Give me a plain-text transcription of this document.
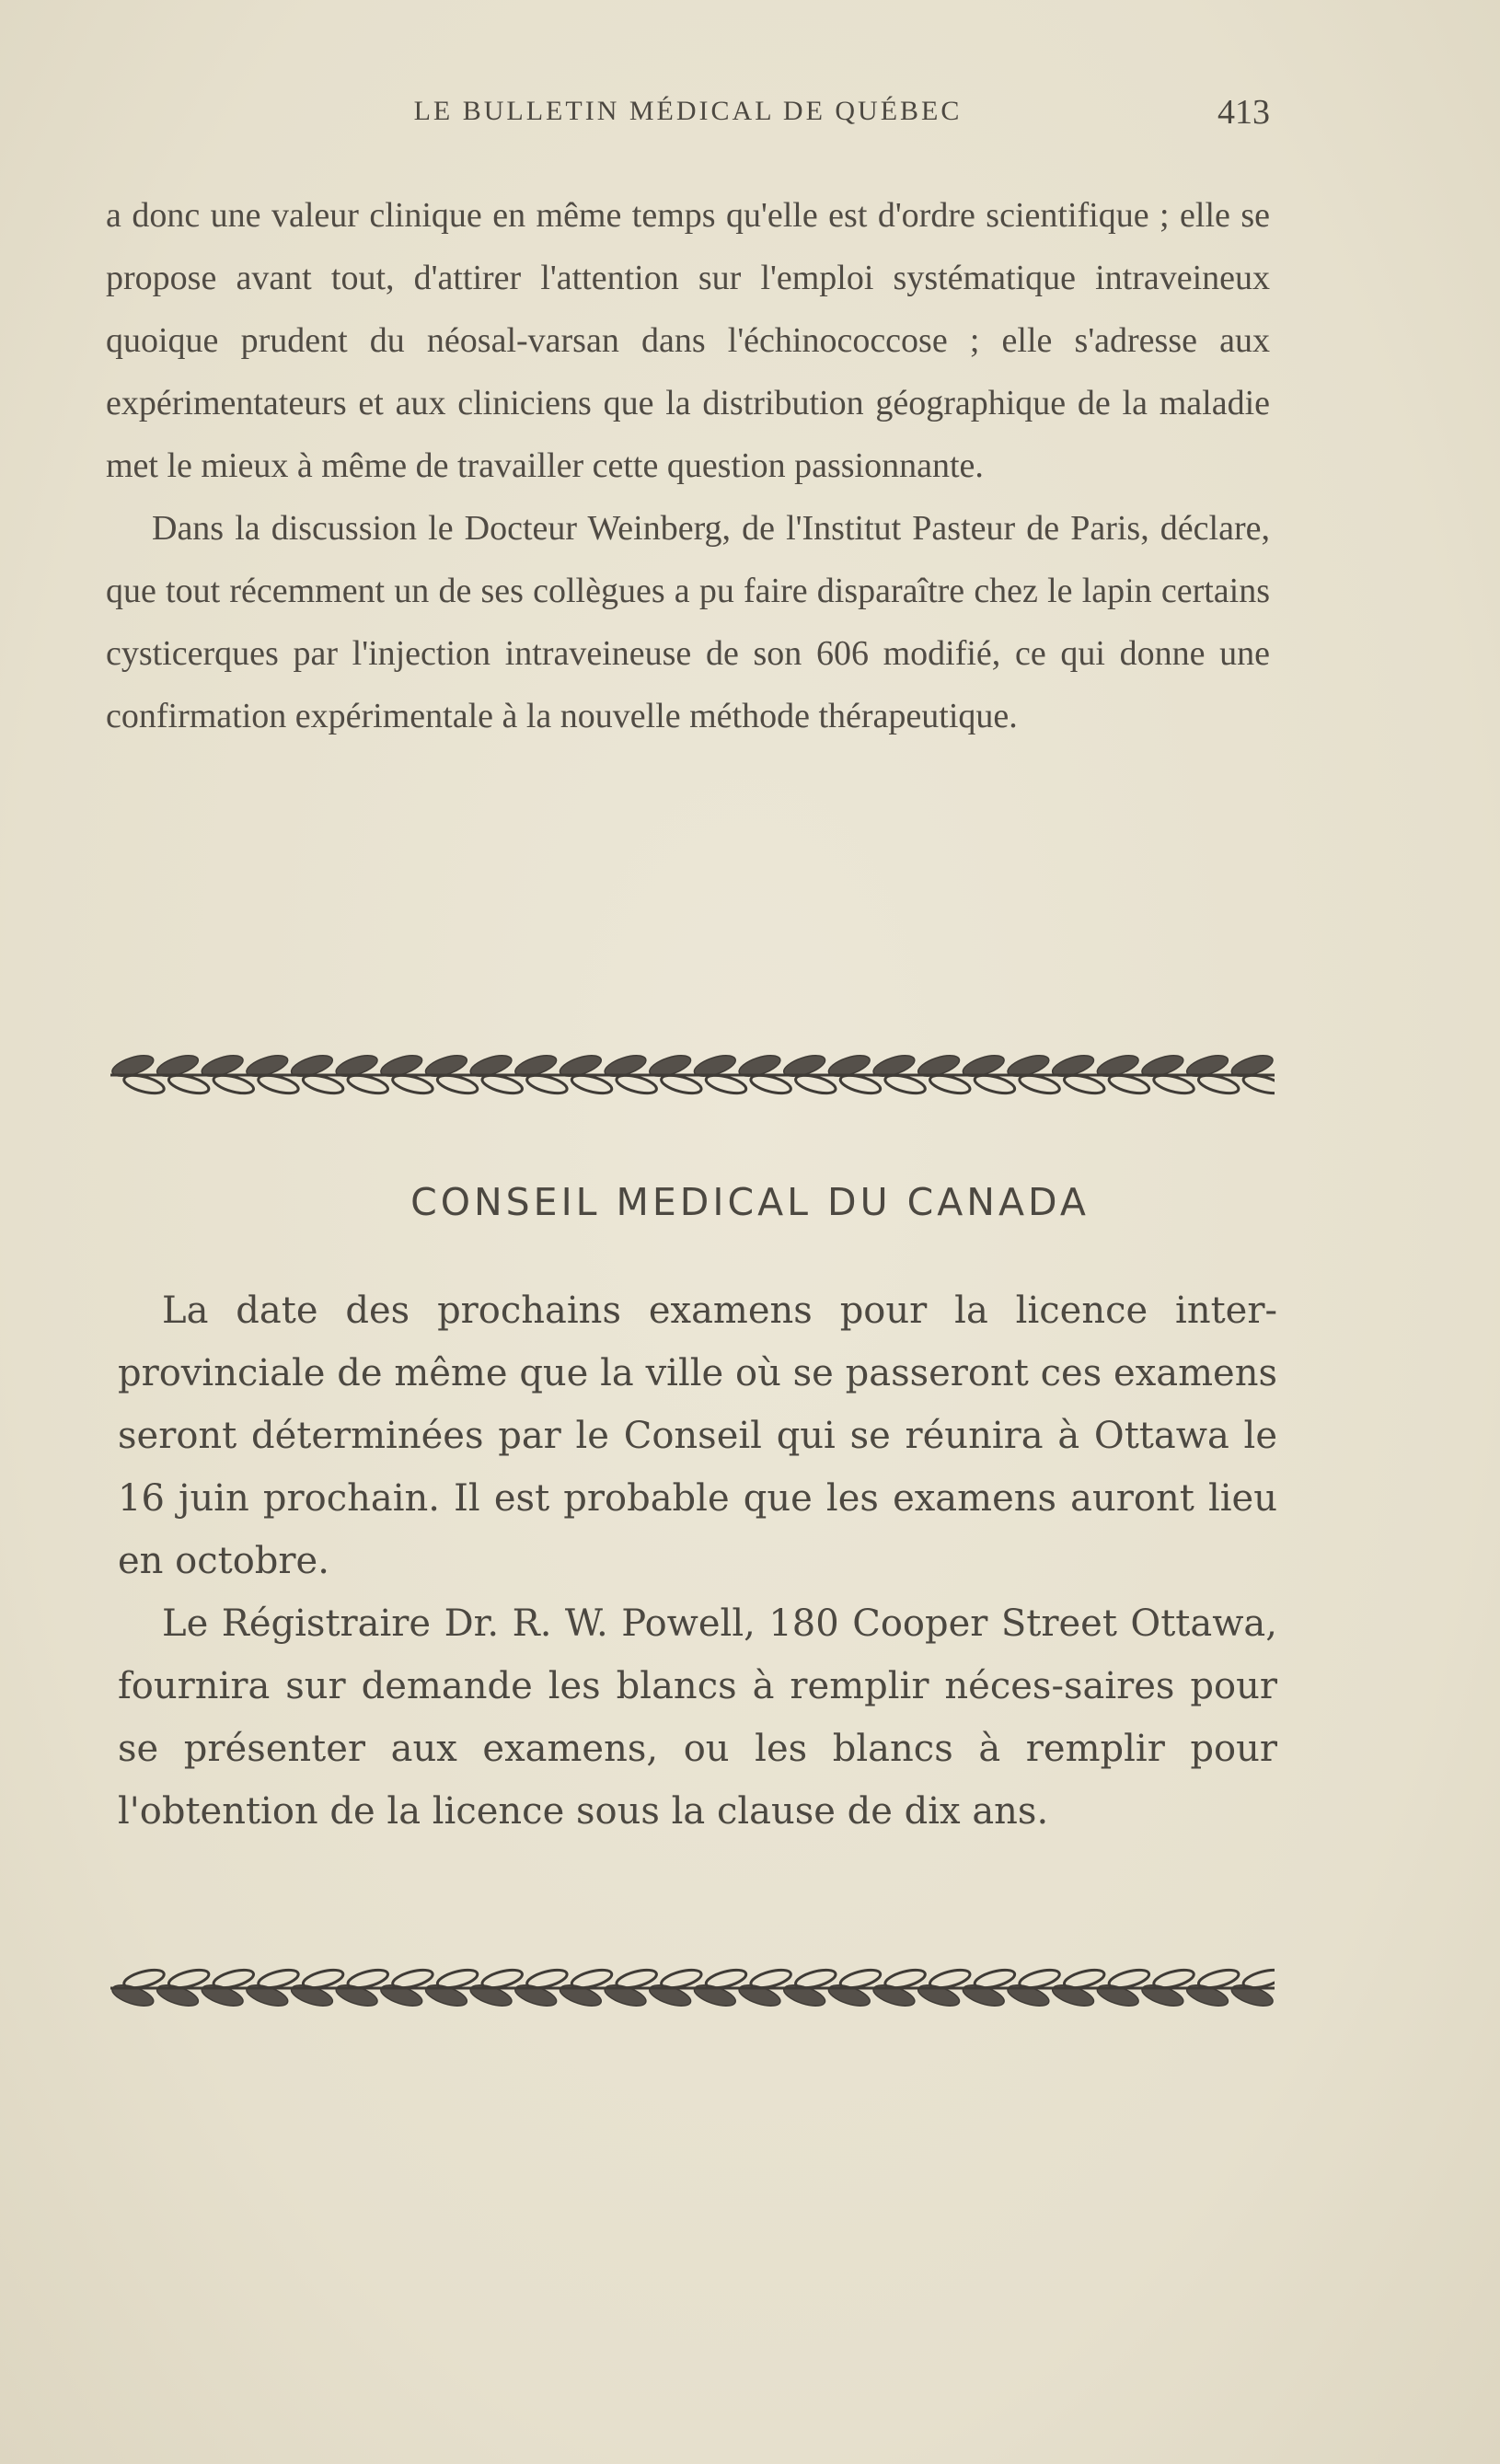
LE BULLETIN MÉDICAL DE QUÉBEC	413

a donc une valeur clinique en même temps qu'elle est d'ordre scientifique ; elle se propose avant tout, d'attirer l'attention sur l'emploi systématique intraveineux quoique prudent du néosal-varsan dans l'échinococcose ; elle s'adresse aux expérimentateurs et aux cliniciens que la distribution géographique de la maladie met le mieux à même de travailler cette question passionnante.

Dans la discussion le Docteur Weinberg, de l'Institut Pasteur de Paris, déclare, que tout récemment un de ses collègues a pu faire disparaître chez le lapin certains cysticerques par l'injection intraveineuse de son 606 modifié, ce qui donne une confirmation expérimentale à la nouvelle méthode thérapeutique.

CONSEIL MEDICAL DU CANADA

La date des prochains examens pour la licence inter-provinciale de même que la ville où se passeront ces examens seront déterminées par le Conseil qui se réunira à Ottawa le 16 juin prochain. Il est probable que les examens auront lieu en octobre.

Le Régistraire Dr. R. W. Powell, 180 Cooper Street Ottawa, fournira sur demande les blancs à remplir néces-saires pour se présenter aux examens, ou les blancs à remplir pour l'obtention de la licence sous la clause de dix ans.
